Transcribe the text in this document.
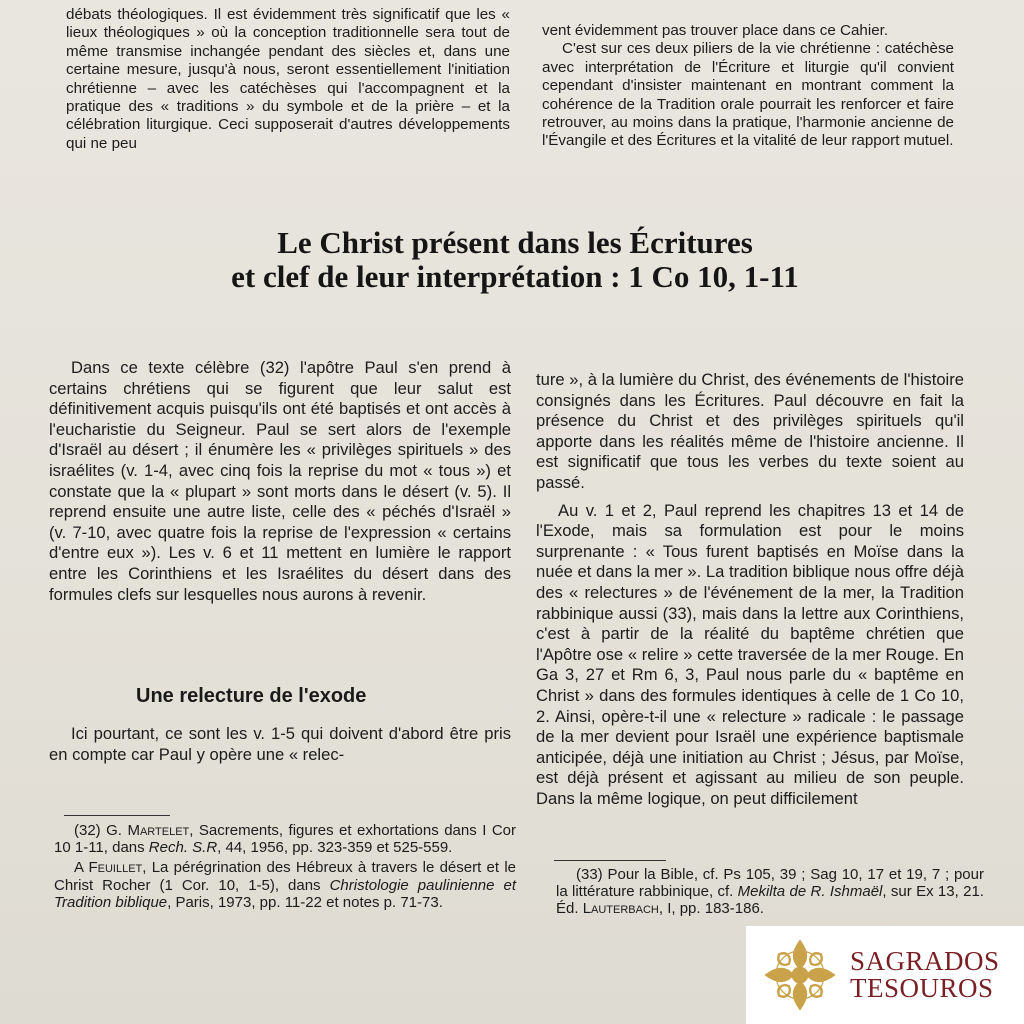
débats théologiques. Il est évidemment très significatif que les « lieux théologiques » où la conception traditionnelle sera tout de même transmise inchangée pendant des siècles et, dans une certaine mesure, jusqu'à nous, seront essentiellement l'initiation chrétienne – avec les catéchèses qui l'accompagnent et la pratique des « traditions » du symbole et de la prière – et la célébration liturgique. Ceci supposerait d'autres développements qui ne peu

vent évidemment pas trouver place dans ce Cahier.

C'est sur ces deux piliers de la vie chrétienne : catéchèse avec interprétation de l'Écriture et liturgie qu'il convient cependant d'insister maintenant en montrant comment la cohérence de la Tradition orale pourrait les renforcer et faire retrouver, au moins dans la pratique, l'harmonie ancienne de l'Évangile et des Écritures et la vitalité de leur rapport mutuel.

Le Christ présent dans les Écritures
et clef de leur interprétation : 1 Co 10, 1-11

Dans ce texte célèbre (32) l'apôtre Paul s'en prend à certains chrétiens qui se figurent que leur salut est définitivement acquis puisqu'ils ont été baptisés et ont accès à l'eucharistie du Seigneur. Paul se sert alors de l'exemple d'Israël au désert ; il énumère les « privilèges spirituels » des israélites (v. 1-4, avec cinq fois la reprise du mot « tous ») et constate que la « plupart » sont morts dans le désert (v. 5). Il reprend ensuite une autre liste, celle des « péchés d'Israël » (v. 7-10, avec quatre fois la reprise de l'expression « certains d'entre eux »). Les v. 6 et 11 mettent en lumière le rapport entre les Corinthiens et les Israélites du désert dans des formules clefs sur lesquelles nous aurons à revenir.

Une relecture de l'exode

Ici pourtant, ce sont les v. 1-5 qui doivent d'abord être pris en compte car Paul y opère une « relec-

ture », à la lumière du Christ, des événements de l'histoire consignés dans les Écritures. Paul découvre en fait la présence du Christ et des privilèges spirituels qu'il apporte dans les réalités même de l'histoire ancienne. Il est significatif que tous les verbes du texte soient au passé.

Au v. 1 et 2, Paul reprend les chapitres 13 et 14 de l'Exode, mais sa formulation est pour le moins surprenante : « Tous furent baptisés en Moïse dans la nuée et dans la mer ». La tradition biblique nous offre déjà des « relectures » de l'événement de la mer, la Tradition rabbinique aussi (33), mais dans la lettre aux Corinthiens, c'est à partir de la réalité du baptême chrétien que l'Apôtre ose « relire » cette traversée de la mer Rouge. En Ga 3, 27 et Rm 6, 3, Paul nous parle du « baptême en Christ » dans des formules identiques à celle de 1 Co 10, 2. Ainsi, opère-t-il une « relecture » radicale : le passage de la mer devient pour Israël une expérience baptismale anticipée, déjà une initiation au Christ ; Jésus, par Moïse, est déjà présent et agissant au milieu de son peuple. Dans la même logique, on peut difficilement

(32) G. Martelet, Sacrements, figures et exhortations dans I Cor 10 1-11, dans Rech. S.R, 44, 1956, pp. 323-359 et 525-559.

A Feuillet, La pérégrination des Hébreux à travers le désert et le Christ Rocher (1 Cor. 10, 1-5), dans Christologie paulinienne et Tradition biblique, Paris, 1973, pp. 11-22 et notes p. 71-73.

(33) Pour la Bible, cf. Ps 105, 39 ; Sag 10, 17 et 19, 7 ; pour la littérature rabbinique, cf. Mekilta de R. Ishmaël, sur Ex 13, 21. Éd. Lauterbach, I, pp. 183-186.

SAGRADOS
TESOUROS
